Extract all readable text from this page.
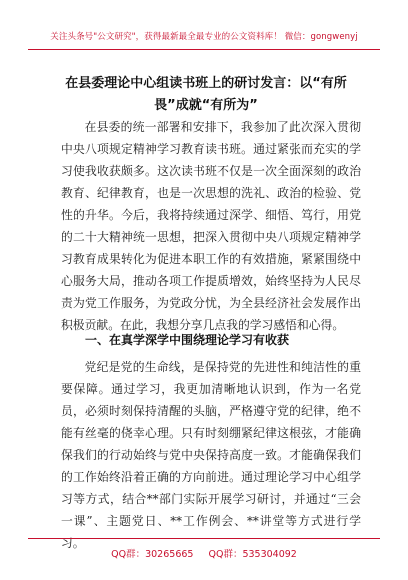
关注头条号"公文研究"，获得最新最全最专业的公文资料库！ 微信：gongwenyj
在县委理论中心组读书班上的研讨发言：以“有所畏”成就“有所为”
在县委的统一部署和安排下，我参加了此次深入贯彻中央八项规定精神学习教育读书班。通过紧张而充实的学习使我收获颇多。这次读书班不仅是一次全面深刻的政治教育、纪律教育，也是一次思想的洗礼、政治的检验、党性的升华。今后，我将持续通过深学、细悟、笃行，用党的二十大精神统一思想，把深入贯彻中央八项规定精神学习教育成果转化为促进本职工作的有效措施，紧紧围绕中心服务大局，推动各项工作提质增效，始终坚持为人民尽责为党工作服务，为党政分忧，为全县经济社会发展作出积极贡献。在此，我想分享几点我的学习感悟和心得。
一、在真学深学中围绕理论学习有收获
党纪是党的生命线，是保持党的先进性和纯洁性的重要保障。通过学习，我更加清晰地认识到，作为一名党员，必须时刻保持清醒的头脑，严格遵守党的纪律，绝不能有丝毫的侥幸心理。只有时刻绷紧纪律这根弦，才能确保我们的行动始终与党中央保持高度一致。才能确保我们的工作始终沿着正确的方向前进。通过理论学习中心组学习等方式，结合**部门实际开展学习研讨，并通过“三会一课”、主题党日、**工作例会、**讲堂等方式进行学习。
QQ群：30265665 QQ群：535304092
